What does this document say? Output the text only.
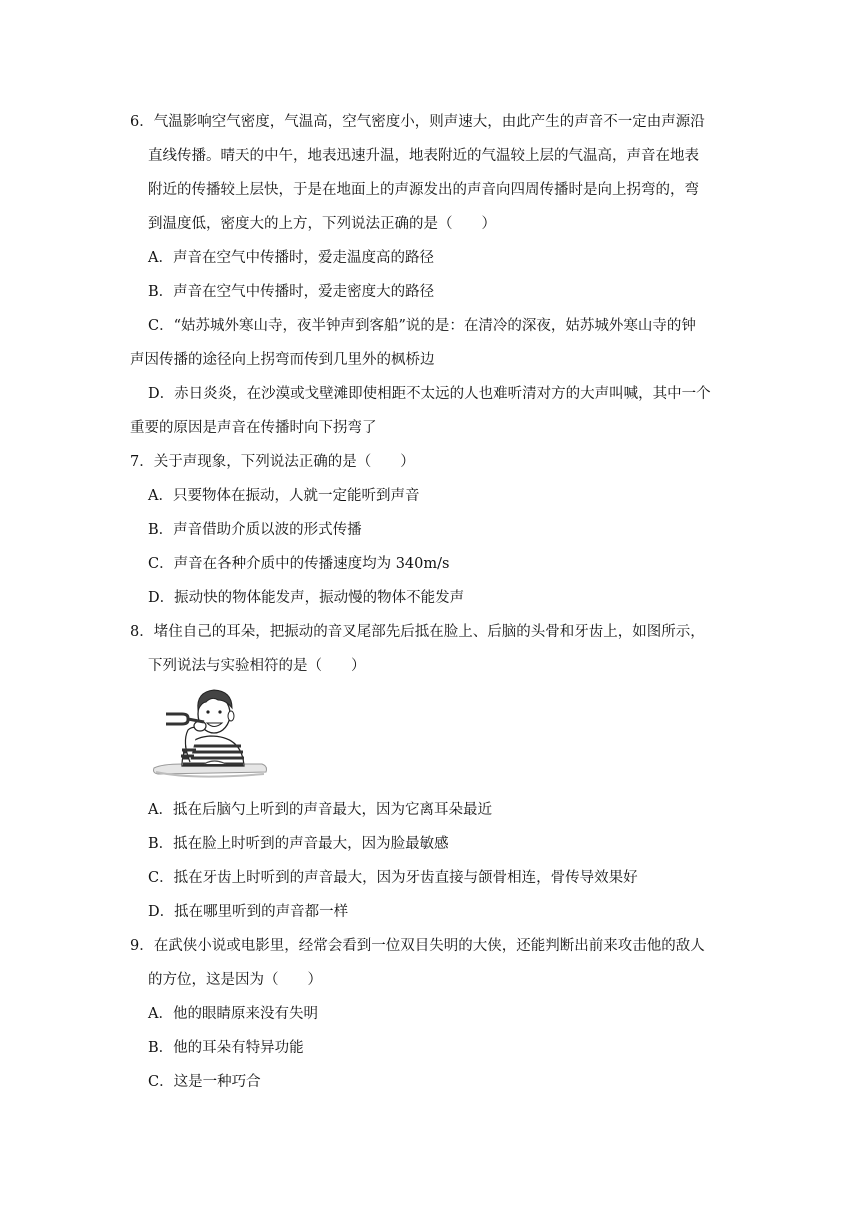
6．气温影响空气密度，气温高，空气密度小，则声速大，由此产生的声音不一定由声源沿
直线传播。晴天的中午，地表迅速升温，地表附近的气温较上层的气温高，声音在地表
附近的传播较上层快，于是在地面上的声源发出的声音向四周传播时是向上拐弯的，弯
到温度低，密度大的上方，下列说法正确的是（　　）
A．声音在空气中传播时，爱走温度高的路径
B．声音在空气中传播时，爱走密度大的路径
C．“姑苏城外寒山寺，夜半钟声到客船”说的是：在清冷的深夜，姑苏城外寒山寺的钟
声因传播的途径向上拐弯而传到几里外的枫桥边
D．赤日炎炎，在沙漠或戈壁滩即使相距不太远的人也难听清对方的大声叫喊，其中一个
重要的原因是声音在传播时向下拐弯了
7．关于声现象，下列说法正确的是（　　）
A．只要物体在振动，人就一定能听到声音
B．声音借助介质以波的形式传播
C．声音在各种介质中的传播速度均为 340m/s
D．振动快的物体能发声，振动慢的物体不能发声
8．堵住自己的耳朵，把振动的音叉尾部先后抵在脸上、后脑的头骨和牙齿上，如图所示，
下列说法与实验相符的是（　　）
A．抵在后脑勺上听到的声音最大，因为它离耳朵最近
B．抵在脸上时听到的声音最大，因为脸最敏感
C．抵在牙齿上时听到的声音最大，因为牙齿直接与颌骨相连，骨传导效果好
D．抵在哪里听到的声音都一样
9．在武侠小说或电影里，经常会看到一位双目失明的大侠，还能判断出前来攻击他的敌人
的方位，这是因为（　　）
A．他的眼睛原来没有失明
B．他的耳朵有特异功能
C．这是一种巧合
